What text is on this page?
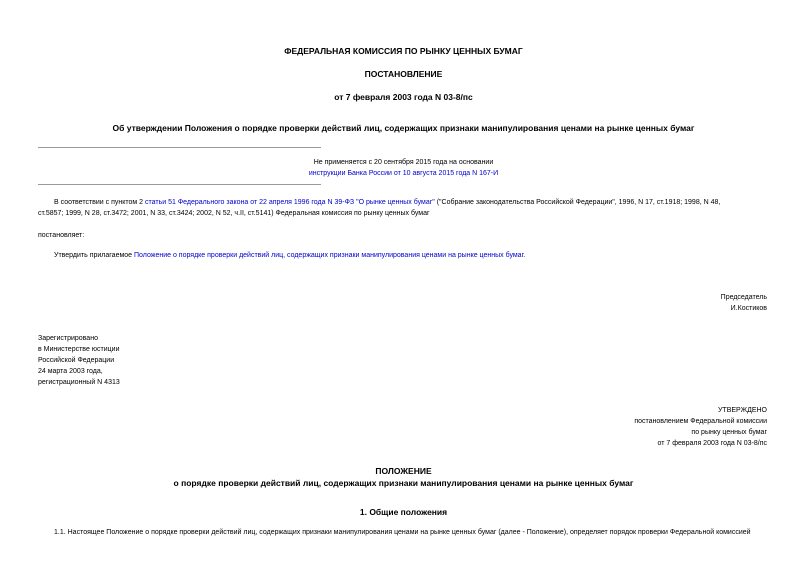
ФЕДЕРАЛЬНАЯ КОМИССИЯ ПО РЫНКУ ЦЕННЫХ БУМАГ
ПОСТАНОВЛЕНИЕ
от 7 февраля 2003 года N 03-8/пс
Об утверждении Положения о порядке проверки действий лиц, содержащих признаки манипулирования ценами на рынке ценных бумаг
Не применяется с 20 сентября 2015 года на основании
инструкции Банка России от 10 августа 2015 года N 167-И
В соответствии с пунктом 2 статьи 51 Федерального закона от 22 апреля 1996 года N 39-ФЗ "О рынке ценных бумаг" ("Собрание законодательства Российской Федерации", 1996, N 17, ст.1918; 1998, N 48,
ст.5857; 1999, N 28, ст.3472; 2001, N 33, ст.3424; 2002, N 52, ч.II, ст.5141) Федеральная комиссия по рынку ценных бумаг
постановляет:
Утвердить прилагаемое Положение о порядке проверки действий лиц, содержащих признаки манипулирования ценами на рынке ценных бумаг.
Председатель
И.Костиков
Зарегистрировано
в Министерстве юстиции
Российской Федерации
24 марта 2003 года,
регистрационный N 4313
УТВЕРЖДЕНО
постановлением Федеральной комиссии
по рынку ценных бумаг
от 7 февраля 2003 года N 03-8/пс
ПОЛОЖЕНИЕ
о порядке проверки действий лиц, содержащих признаки манипулирования ценами на рынке ценных бумаг
1. Общие положения
1.1. Настоящее Положение о порядке проверки действий лиц, содержащих признаки манипулирования ценами на рынке ценных бумаг (далее - Положение), определяет порядок проверки Федеральной комиссией
